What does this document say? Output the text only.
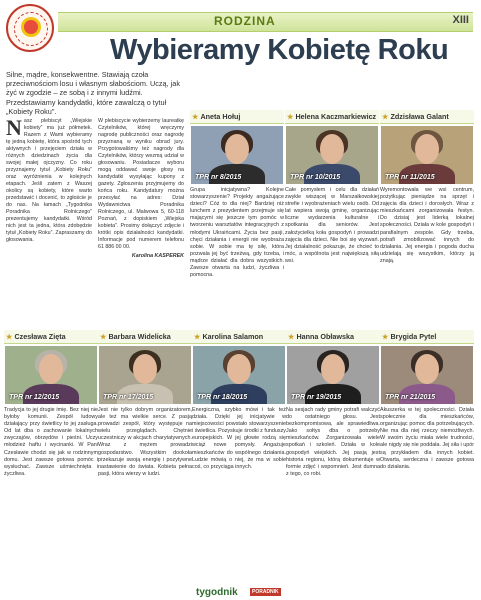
RODZINA	XIII
Wybieramy Kobietę Roku
Silne, mądre, konsekwentne. Stawiają czoła przeciwnościom losu i własnym słabościom. Uczą, jak żyć w zgodzie – ze sobą i z innymi ludźmi. Przedstawiamy kandydatki, które zawalczą o tytuł „Kobiety Roku".
N asz plebiscyt „Wiejskie kobiety” ma już półmetek. Razem z Wami wybieramy tę jedną kobietę, która spośród tych aktywnych i przejęciem działa w różnych dziedzinach życia dla swojej małej ojczyzny. Co roku przyznajemy tytuł „Kobiety Roku” oraz wyróżnienia w kolejnych etapach. Jeśli zatem z Waszej okolicy są kobiety, które warto przedstawić i docenić, to zgłoście je do nas. Na łamach „Tygodnika Poradnika Rolniczego” prezentujemy kandydatki. Wśród nich jest ta jedna, która zdobędzie tytuł „Kobiety Roku”. Zapraszamy do głosowania.
W plebiscycie wybierzemy laureatkę Czytelników, której wręczymy nagrodę publiczności oraz nagrodę przyznaną w wyniku obrad jury. Przygotowaliśmy też nagrody dla Czytelników, którzy wezmą udział w głosowaniu. Posiadacze wyboru mogą oddawać swoje głosy na kandydatki wysyłając kupony z gazety. Zgłoszenia przyjmujemy do końca roku. Kandydatury można przesyłać na adres: Dział Wydawnictwa Poradnika Rolniczego, ul. Malwowa 5, 60-118 Poznań, z dopiskiem „Wiejska kobieta". Prosimy dołączyć zdjęcie i krótki opis działalności kandydatki. Informacje pod numerem telefonu 61 886 00 00.
Karolina KASPEREK
★ Aneta Hołuj
TPR nr 8/2015
Grupa inicjatywna? Kolejne stowarzyszenie? Projekty angażujące dzieci? Cóż to dla niej? Bardziej niż lunchem z prezydentem przejmuje się mającymi się jeszcze tym pomóc w tworzeniu warsztatów integracyjnych z młodymi Ukraińcami. Życia bez pasji, chęci działania i energii nie wyobraża sobie. W sobie ma tę siłę, która pozwala jej być trzeźwą, gdy trzeba, i mądrze działać dla dobra wszystkich. Zawsze otwarta na ludzi, życzliwa i pomocna.
★ Helena Kaczmarkiewicz
TPR nr 10/2015
Całe pomysłem i celu dla działań zwykle wiszącej w Marszałkowskiej strefie i wyobrażeniach wielu osób. Od lat wspiera swoją gminę, organizując liczne wydarzenia kulturalne i spotkania dla seniorów. Jest założycielką koła gospodyń i prowadzi zajęcia dla dzieci. Nie boi się wyzwań. Jej działalność pokazuje, że chcieć to móc, a wspólnota jest największą siłą wsi.
★ Zdzisława Galant
TPR nr 11/2015
Wyremontowała we wsi centrum, pożytkując pieniądze na sprzęt i zajęcia dla dzieci i dorosłych. Wraz z mieszkańcami zorganizowała festyn. Do dzisiaj jest liderką lokalnej społeczności. Działa w kole gospodyń i parafialnym zespole. Gdy trzeba, potrafi zmobilizować innych do działania. Jej energia i pogoda ducha udzielają się wszystkim, którzy ją znają.
★ Czesława Zięta
TPR nr 12/2015
Tradycja to jej drugie imię. Bez niej nie byłoby komunii. Zespół ludowy działający przy świetlicy to jej zasługa. Od lat dba o zachowanie lokalnych zwyczajów, obrzędów i pieśni. Uczy młodzież haftu i wycinanki. W Pani Czesławie chodzi się jak w rodzinnym domu. Jest zawsze gotowa pomóc i wysłuchać. Zawsze uśmiechnięta i życzliwa.
★ Barbara Widelicka
TPR nr 17/2015
Jest nie tylko dobrym organizatorem, ale też ma wielkie serce. Z pasją prowadzi zespół, który występuje na wielu przeglądach. Chętnie uczestniczy w akcjach charytatywnych. Wraz z mężem prowadzi gospodarstwo. Wszystkim dookoła przekazuje swoją energię i pozytywne nastawienie do świata. Kobieta pełna pasji, która wierzy w ludzi.
★ Karolina Salamon
TPR nr 18/2015
Energiczna, szybko mówi i tak też działa. Dzięki jej inicjatywie w miejscowości powstało stowarzyszenie i świetlica. Pozyskuje środki z funduszy europejskich. W jej głowie rodzą się wciąż nowe pomysły. Angażuje mieszkańców do wspólnego działania. Ludzie mówią o niej, że ma w sobie coś, co przyciąga innych.
★ Hanna Obławska
TPR nr 19/2015
Na sesjach rady gminy potrafi walczyć do ostatniego głosu. Jest bezkompromisowa, ale sprawiedliwa. Jako sołtys dba o potrzeby mieszkańców. Zorganizowała wiele spotkań i szkoleń. Działa w kole gospodyń wiejskich. Jej pasją jest historia regionu, którą dokumentuje w formie zdjęć i wspomnień. Jest dumna z tego, co robi.
★ Brygida Pytel
TPR nr 21/2015
Akuszerka w tej społeczności. Działa społecznie dla mieszkańców, organizując pomoc dla potrzebujących. Nie ma dla niej rzeczy niemożliwych. W swoim życiu miała wiele trudności, ale nigdy się nie poddała. Jej siła i upór są przykładem dla innych kobiet. Otwarta, serdeczna i zawsze gotowa do działania.
tygodnik	PORADNIK
